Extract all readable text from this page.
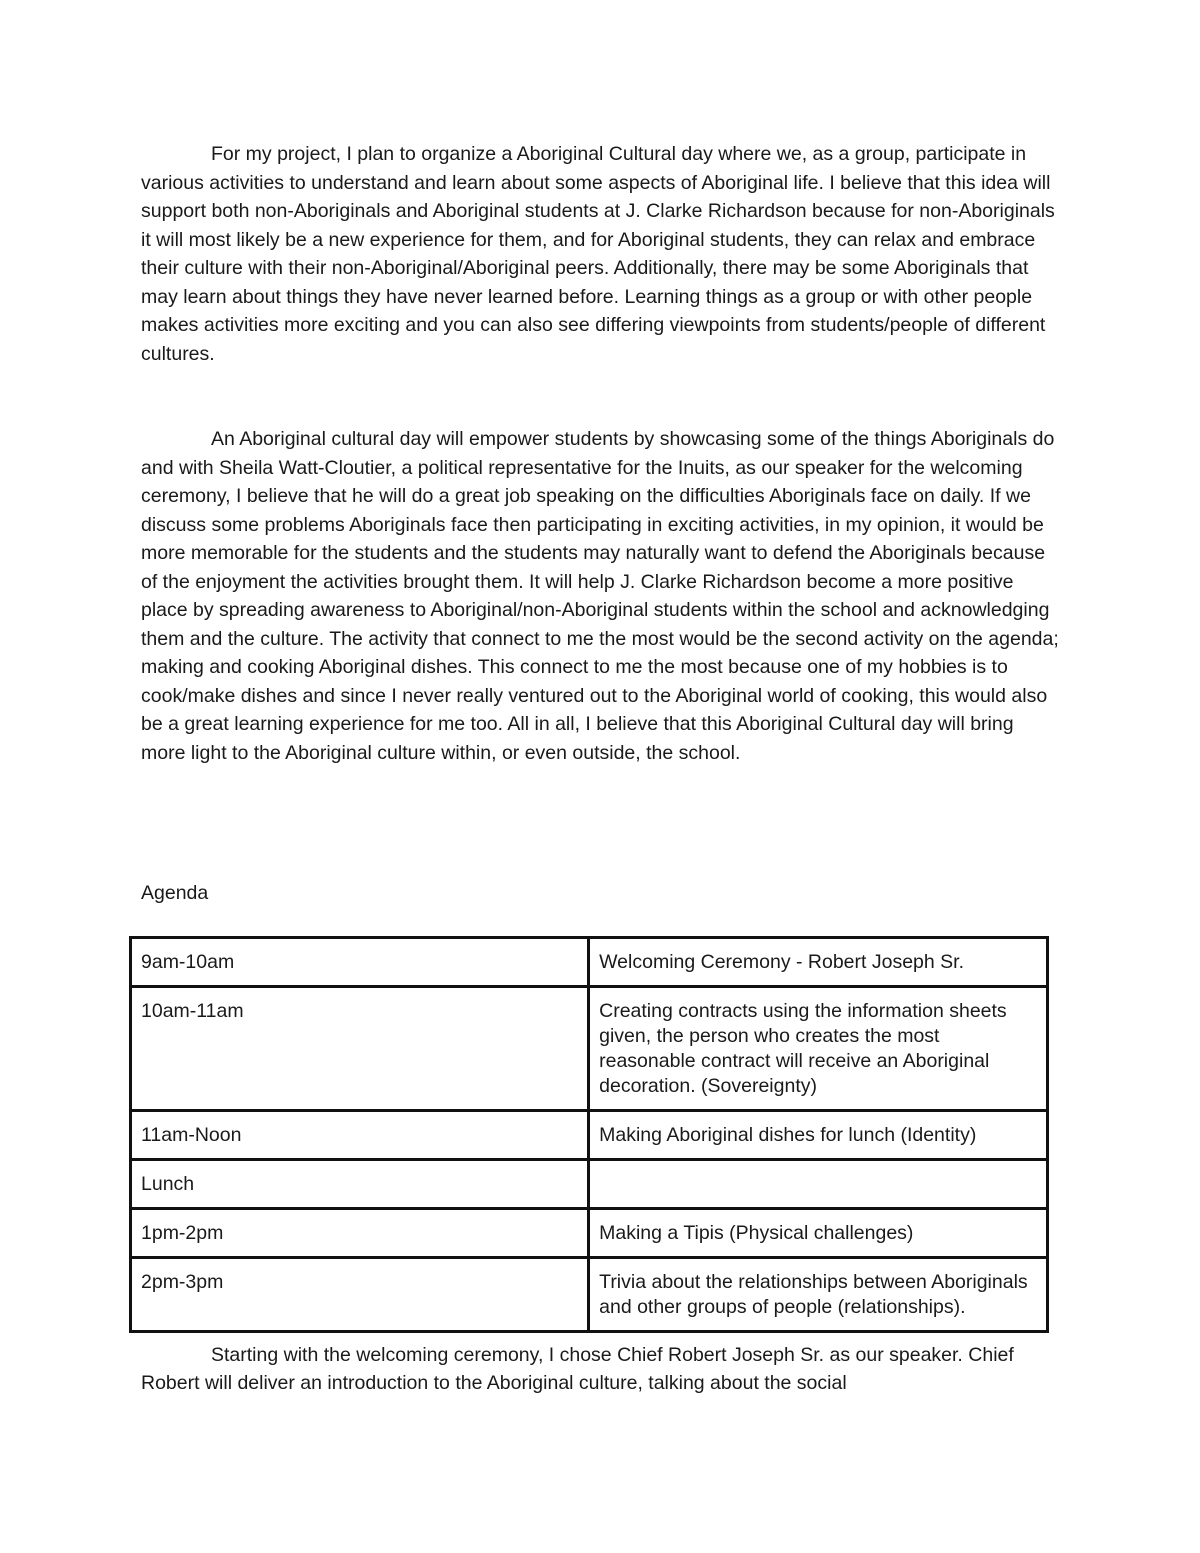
For my project, I plan to organize a Aboriginal Cultural day where we, as a group, participate in various activities to understand and learn about some aspects of Aboriginal life. I believe that this idea will support both non-Aboriginals and Aboriginal students at J. Clarke Richardson because for non-Aboriginals it will most likely be a new experience for them, and for Aboriginal students, they can relax and embrace their culture with their non-Aboriginal/Aboriginal peers. Additionally, there may be some Aboriginals that may learn about things they have never learned before. Learning things as a group or with other people makes activities more exciting and you can also see differing viewpoints from students/people of different cultures.

An Aboriginal cultural day will empower students by showcasing some of the things Aboriginals do and with Sheila Watt-Cloutier, a political representative for the Inuits, as our speaker for the welcoming ceremony, I believe that he will do a great job speaking on the difficulties Aboriginals face on daily. If we discuss some problems Aboriginals face then participating in exciting activities, in my opinion, it would be more memorable for the students and the students may naturally want to defend the Aboriginals because of the enjoyment the activities brought them. It will help J. Clarke Richardson become a more positive place by spreading awareness to Aboriginal/non-Aboriginal students within the school and acknowledging them and the culture. The activity that connect to me the most would be the second activity on the agenda; making and cooking Aboriginal dishes. This connect to me the most because one of my hobbies is to cook/make dishes and since I never really ventured out to the Aboriginal world of cooking, this would also be a great learning experience for me too. All in all, I believe that this Aboriginal Cultural day will bring more light to the Aboriginal culture within, or even outside, the school.

Agenda

9am-10am	Welcoming Ceremony - Robert Joseph Sr.
10am-11am	Creating contracts using the information sheets given, the person who creates the most reasonable contract will receive an Aboriginal decoration. (Sovereignty)
11am-Noon	Making Aboriginal dishes for lunch (Identity)
Lunch	
1pm-2pm	Making a Tipis (Physical challenges)
2pm-3pm	Trivia about the relationships between Aboriginals and other groups of people (relationships).

Starting with the welcoming ceremony, I chose Chief Robert Joseph Sr. as our speaker. Chief Robert will deliver an introduction to the Aboriginal culture, talking about the social
